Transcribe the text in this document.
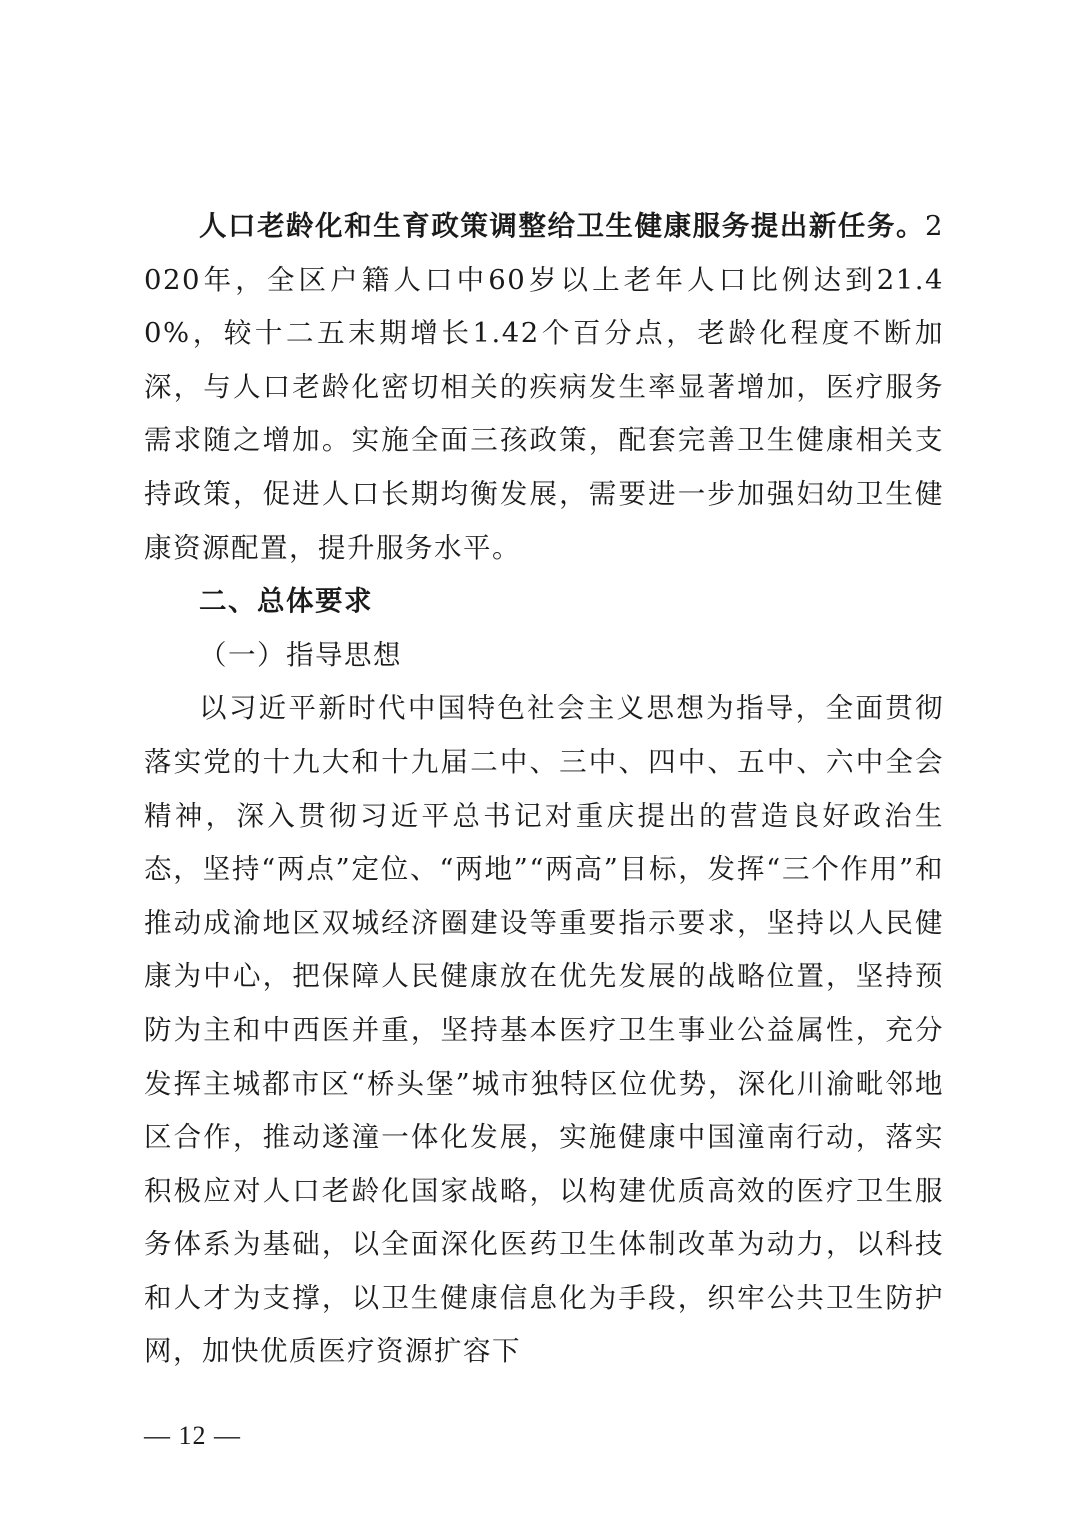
人口老龄化和生育政策调整给卫生健康服务提出新任务。2020年，全区户籍人口中60岁以上老年人口比例达到21.40%，较十二五末期增长1.42个百分点，老龄化程度不断加深，与人口老龄化密切相关的疾病发生率显著增加，医疗服务需求随之增加。实施全面三孩政策，配套完善卫生健康相关支持政策，促进人口长期均衡发展，需要进一步加强妇幼卫生健康资源配置，提升服务水平。

二、总体要求

（一）指导思想

以习近平新时代中国特色社会主义思想为指导，全面贯彻落实党的十九大和十九届二中、三中、四中、五中、六中全会精神，深入贯彻习近平总书记对重庆提出的营造良好政治生态，坚持“两点”定位、“两地”“两高”目标，发挥“三个作用”和推动成渝地区双城经济圈建设等重要指示要求，坚持以人民健康为中心，把保障人民健康放在优先发展的战略位置，坚持预防为主和中西医并重，坚持基本医疗卫生事业公益属性，充分发挥主城都市区“桥头堡”城市独特区位优势，深化川渝毗邻地区合作，推动遂潼一体化发展，实施健康中国潼南行动，落实积极应对人口老龄化国家战略，以构建优质高效的医疗卫生服务体系为基础，以全面深化医药卫生体制改革为动力，以科技和人才为支撑，以卫生健康信息化为手段，织牢公共卫生防护网，加快优质医疗资源扩容下

— 12 —
